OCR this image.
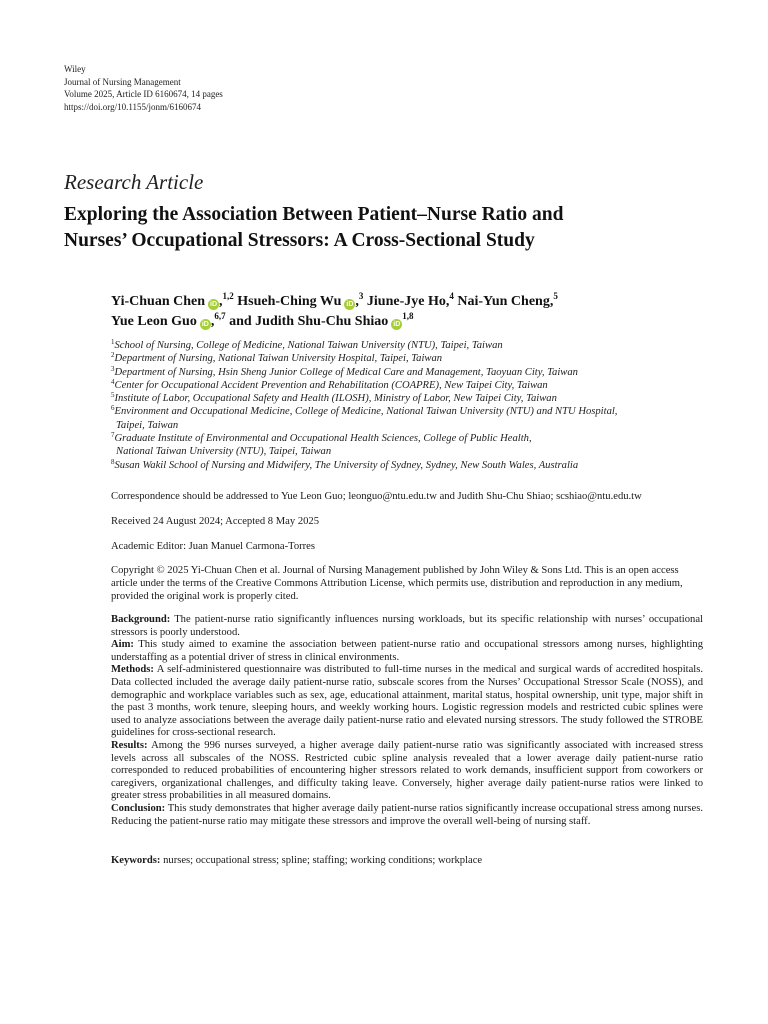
Wiley
Journal of Nursing Management
Volume 2025, Article ID 6160674, 14 pages
https://doi.org/10.1155/jonm/6160674
Research Article
Exploring the Association Between Patient–Nurse Ratio and
Nurses’ Occupational Stressors: A Cross-Sectional Study
Yi-Chuan Chen iD ,$^{1,2}$ Hsueh-Ching Wu iD ,$^3$ Jiune-Jye Ho,$^4$ Nai-Yun Cheng,$^5$
Yue Leon Guo iD ,$^{6,7}$ and Judith Shu-Chu Shiao iD$^{1,8}$
$^1$School of Nursing, College of Medicine, National Taiwan University (NTU), Taipei, Taiwan
$^2$Department of Nursing, National Taiwan University Hospital, Taipei, Taiwan
$^3$Department of Nursing, Hsin Sheng Junior College of Medical Care and Management, Taoyuan City, Taiwan
$^4$Center for Occupational Accident Prevention and Rehabilitation (COAPRE), New Taipei City, Taiwan
$^5$Institute of Labor, Occupational Safety and Health (ILOSH), Ministry of Labor, New Taipei City, Taiwan
$^6$Environment and Occupational Medicine, College of Medicine, National Taiwan University (NTU) and NTU Hospital,
Taipei, Taiwan
$^7$Graduate Institute of Environmental and Occupational Health Sciences, College of Public Health,
National Taiwan University (NTU), Taipei, Taiwan
$^8$Susan Wakil School of Nursing and Midwifery, The University of Sydney, Sydney, New South Wales, Australia
Correspondence should be addressed to Yue Leon Guo; leonguo@ntu.edu.tw and Judith Shu-Chu Shiao; scshiao@ntu.edu.tw
Received 24 August 2024; Accepted 8 May 2025
Academic Editor: Juan Manuel Carmona-Torres
Copyright © 2025 Yi-Chuan Chen et al. Journal of Nursing Management published by John Wiley & Sons Ltd. This is an open access article under the terms of the Creative Commons Attribution License, which permits use, distribution and reproduction in any medium, provided the original work is properly cited.

Background: The patient-nurse ratio significantly influences nursing workloads, but its specific relationship with nurses’ occupational stressors is poorly understood.

Aim: This study aimed to examine the association between patient-nurse ratio and occupational stressors among nurses, highlighting understaffing as a potential driver of stress in clinical environments.

Methods: A self-administered questionnaire was distributed to full-time nurses in the medical and surgical wards of accredited hospitals. Data collected included the average daily patient-nurse ratio, subscale scores from the Nurses’ Occupational Stressor Scale (NOSS), and demographic and workplace variables such as sex, age, educational attainment, marital status, hospital ownership, unit type, major shift in the past 3 months, work tenure, sleeping hours, and weekly working hours. Logistic regression models and restricted cubic splines were used to analyze associations between the average daily patient-nurse ratio and elevated nursing stressors. The study followed the STROBE guidelines for cross-sectional research.

Results: Among the 996 nurses surveyed, a higher average daily patient-nurse ratio was significantly associated with increased stress levels across all subscales of the NOSS. Restricted cubic spline analysis revealed that a lower average daily patient-nurse ratio corresponded to reduced probabilities of encountering higher stressors related to work demands, insufficient support from coworkers or caregivers, organizational challenges, and difficulty taking leave. Conversely, higher average daily patient-nurse ratios were linked to greater stress probabilities in all measured domains.

Conclusion: This study demonstrates that higher average daily patient-nurse ratios significantly increase occupational stress among nurses. Reducing the patient-nurse ratio may mitigate these stressors and improve the overall well-being of nursing staff.

Keywords: nurses; occupational stress; spline; staffing; working conditions; workplace
